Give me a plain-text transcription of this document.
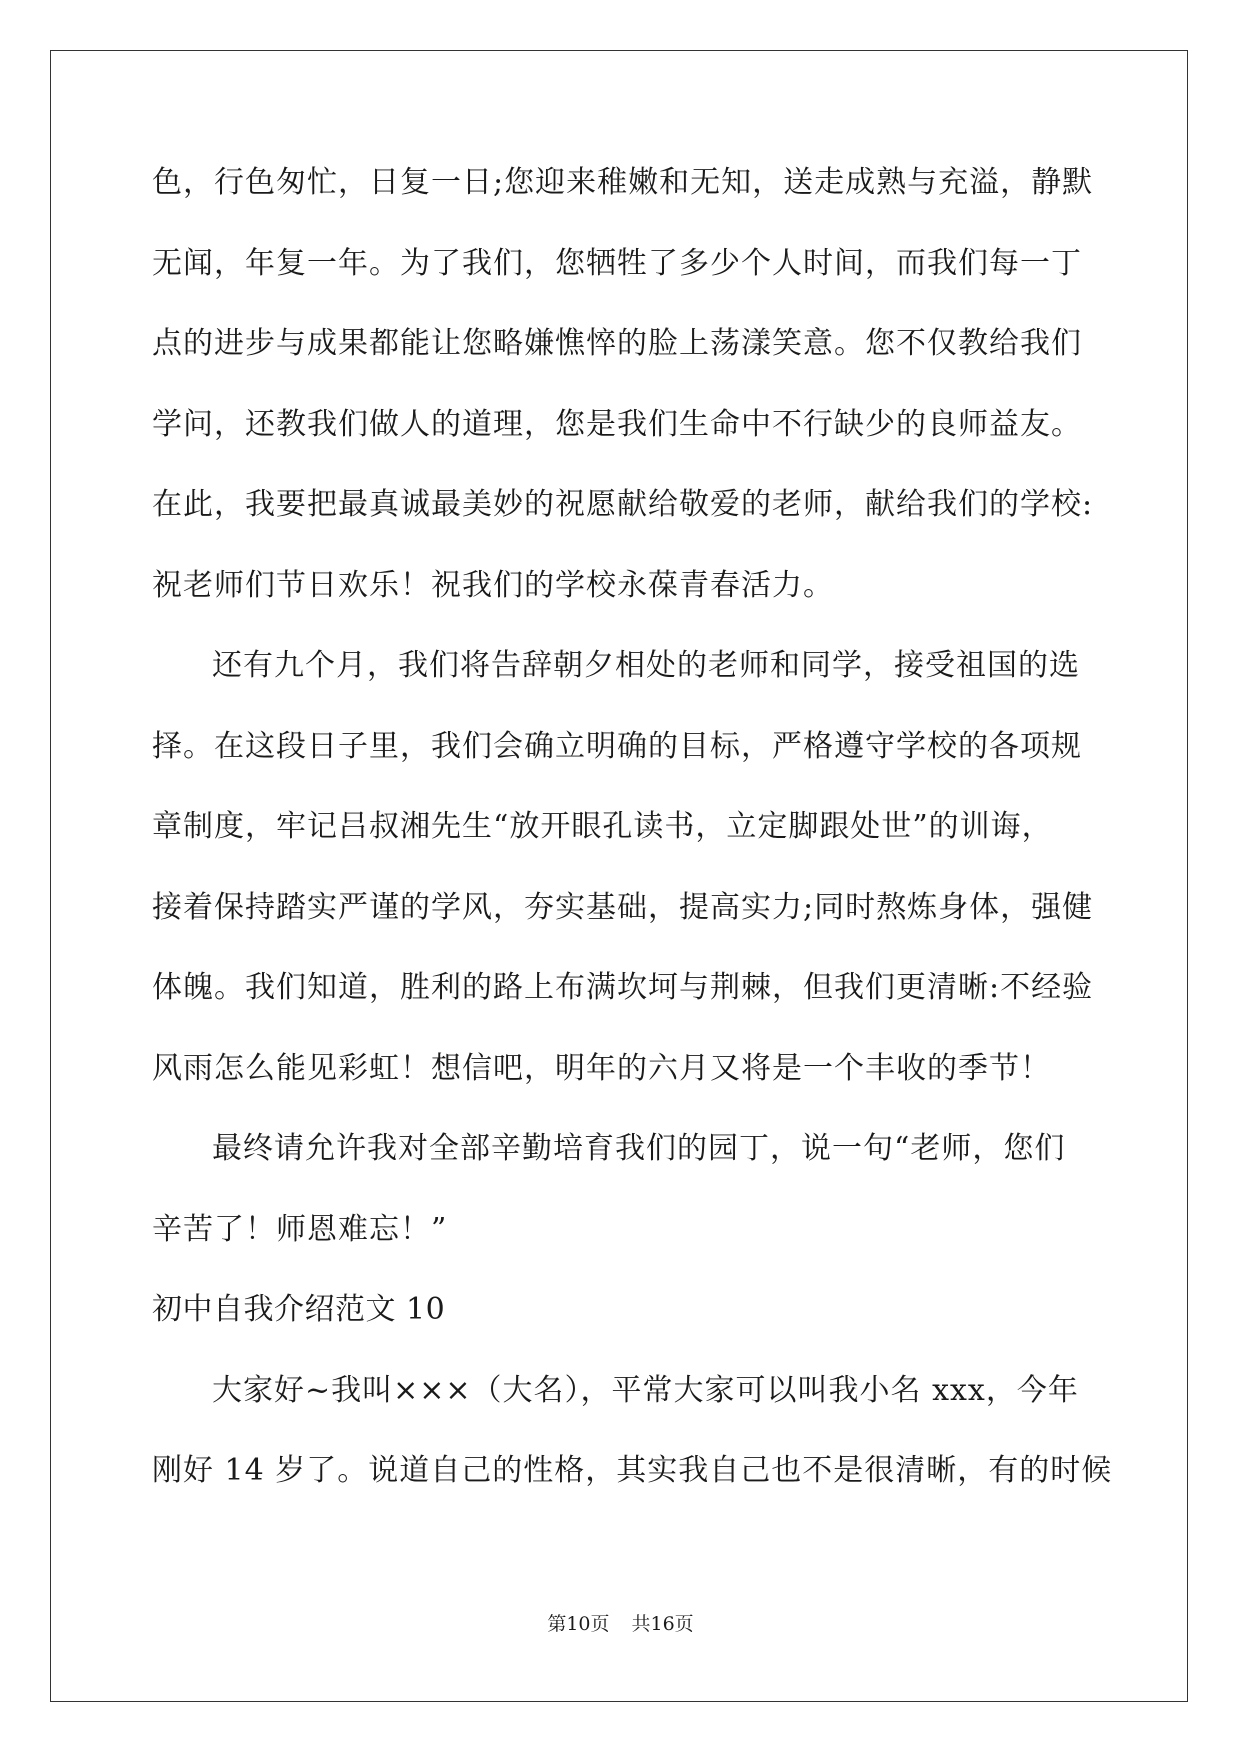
色，行色匆忙，日复一日;您迎来稚嫩和无知，送走成熟与充溢，静默
无闻，年复一年。为了我们，您牺牲了多少个人时间，而我们每一丁
点的进步与成果都能让您略嫌憔悴的脸上荡漾笑意。您不仅教给我们
学问，还教我们做人的道理，您是我们生命中不行缺少的良师益友。
在此，我要把最真诚最美妙的祝愿献给敬爱的老师，献给我们的学校:
祝老师们节日欢乐！祝我们的学校永葆青春活力。
还有九个月，我们将告辞朝夕相处的老师和同学，接受祖国的选
择。在这段日子里，我们会确立明确的目标，严格遵守学校的各项规
章制度，牢记吕叔湘先生“放开眼孔读书，立定脚跟处世”的训诲，
接着保持踏实严谨的学风，夯实基础，提高实力;同时熬炼身体，强健
体魄。我们知道，胜利的路上布满坎坷与荆棘，但我们更清晰:不经验
风雨怎么能见彩虹！想信吧，明年的六月又将是一个丰收的季节！
最终请允许我对全部辛勤培育我们的园丁，说一句“老师，您们
辛苦了！师恩难忘！”
初中自我介绍范文 10
大家好~我叫×××（大名），平常大家可以叫我小名 xxx，今年
刚好 14 岁了。说道自己的性格，其实我自己也不是很清晰，有的时候
第10页 共16页
